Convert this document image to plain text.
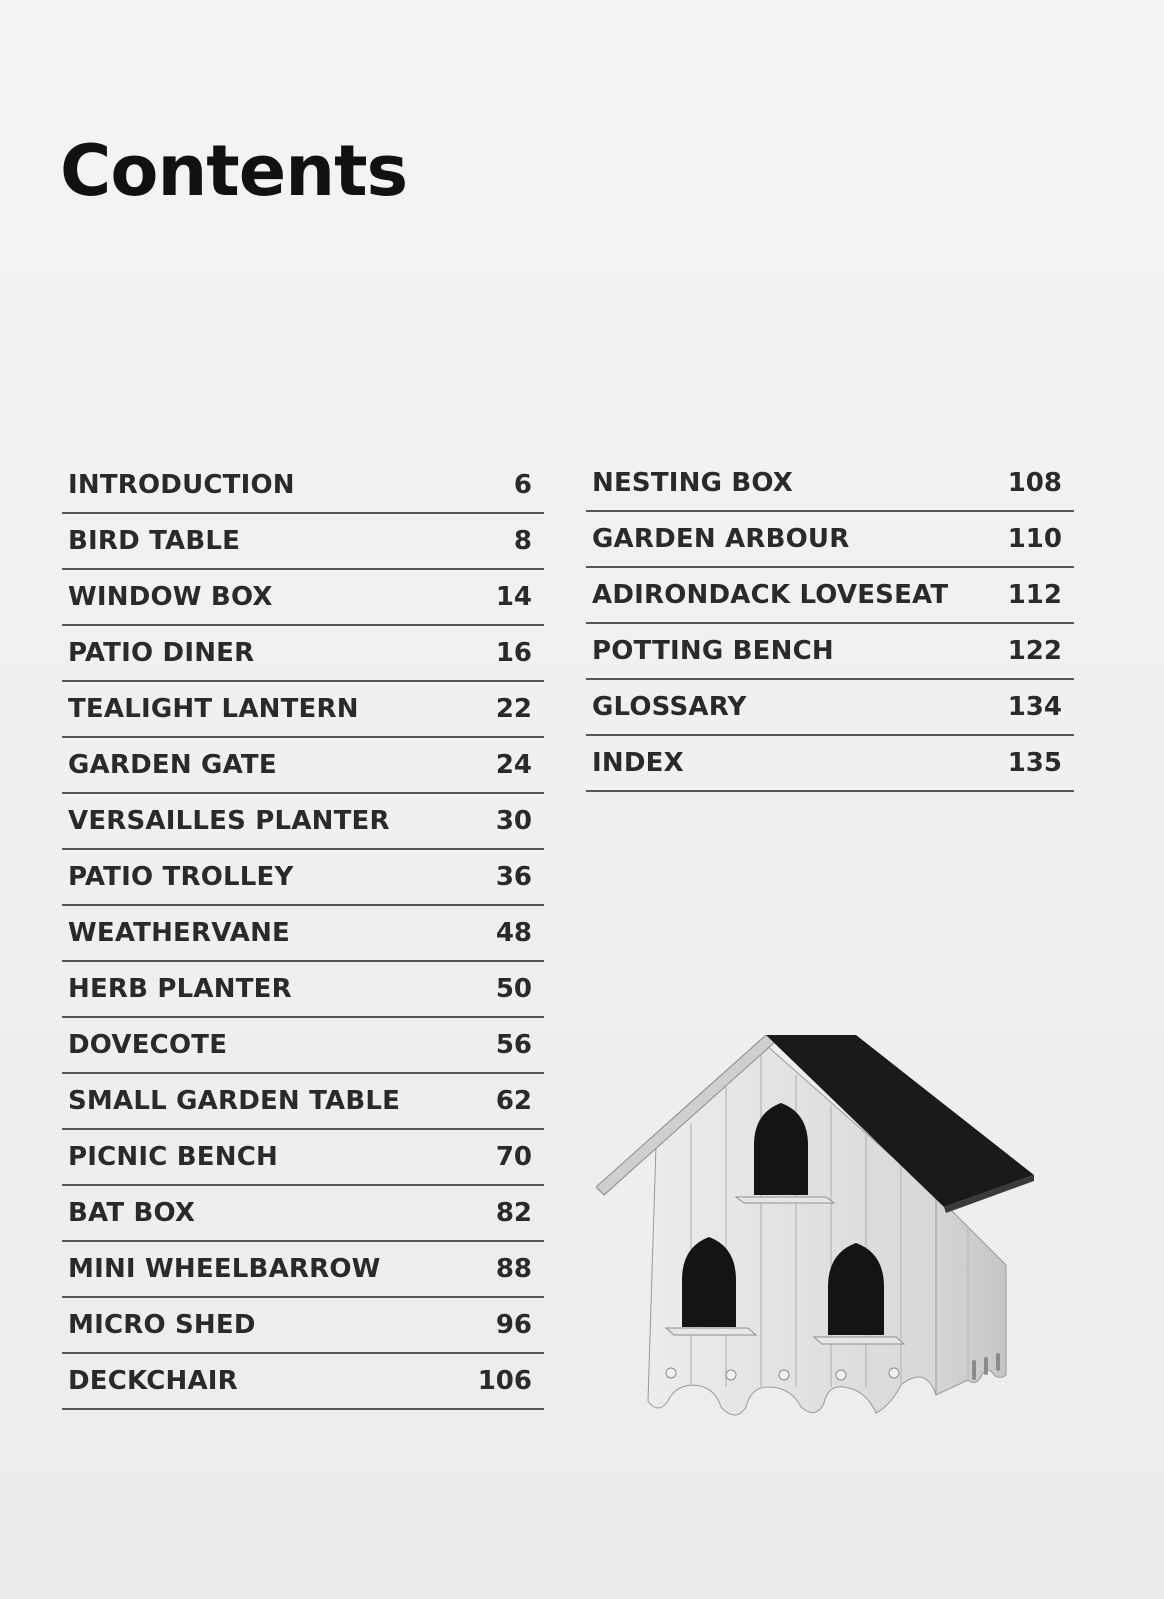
Contents
INTRODUCTION	6
BIRD TABLE	8
WINDOW BOX	14
PATIO DINER	16
TEALIGHT LANTERN	22
GARDEN GATE	24
VERSAILLES PLANTER	30
PATIO TROLLEY	36
WEATHERVANE	48
HERB PLANTER	50
DOVECOTE	56
SMALL GARDEN TABLE	62
PICNIC BENCH	70
BAT BOX	82
MINI WHEELBARROW	88
MICRO SHED	96
DECKCHAIR	106
NESTING BOX	108
GARDEN ARBOUR	110
ADIRONDACK LOVESEAT 112
POTTING BENCH	122
GLOSSARY	134
INDEX	135
